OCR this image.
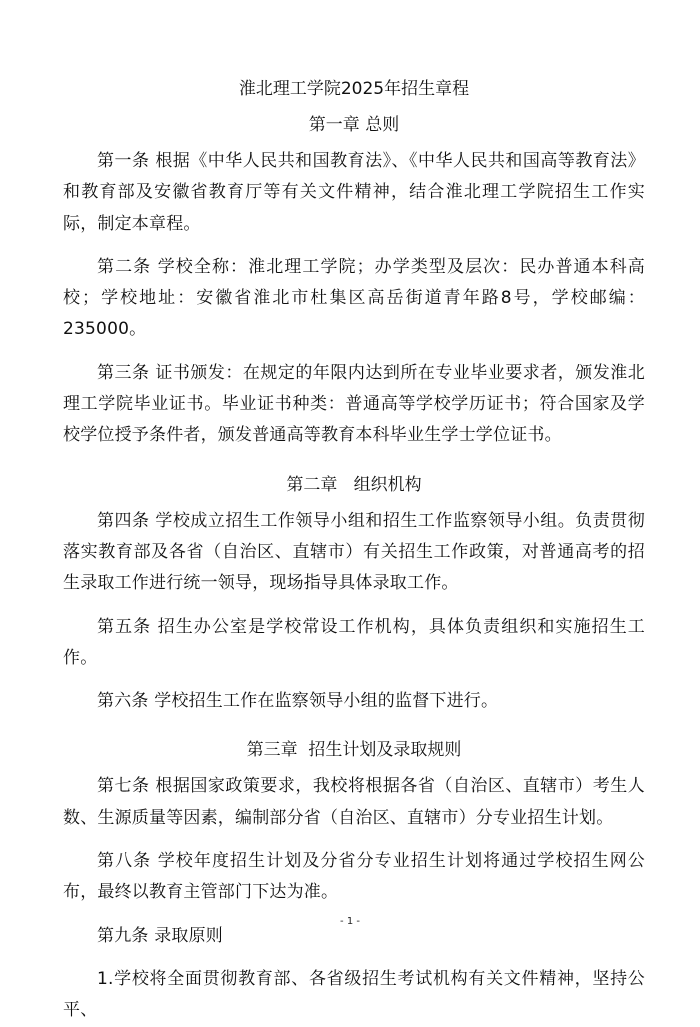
淮北理工学院2025年招生章程
第一章 总则

第一条 根据《中华人民共和国教育法》、《中华人民共和国高等教育法》和教育部及安徽省教育厅等有关文件精神，结合淮北理工学院招生工作实际，制定本章程。

第二条 学校全称：淮北理工学院；办学类型及层次：民办普通本科高校；学校地址：安徽省淮北市杜集区高岳街道青年路8号，学校邮编：235000。

第三条 证书颁发：在规定的年限内达到所在专业毕业要求者，颁发淮北理工学院毕业证书。毕业证书种类：普通高等学校学历证书；符合国家及学校学位授予条件者，颁发普通高等教育本科毕业生学士学位证书。

第二章   组织机构

第四条 学校成立招生工作领导小组和招生工作监察领导小组。负责贯彻落实教育部及各省（自治区、直辖市）有关招生工作政策，对普通高考的招生录取工作进行统一领导，现场指导具体录取工作。

第五条 招生办公室是学校常设工作机构，具体负责组织和实施招生工作。

第六条 学校招生工作在监察领导小组的监督下进行。

第三章  招生计划及录取规则

第七条 根据国家政策要求，我校将根据各省（自治区、直辖市）考生人数、生源质量等因素，编制部分省（自治区、直辖市）分专业招生计划。

第八条 学校年度招生计划及分省分专业招生计划将通过学校招生网公布，最终以教育主管部门下达为准。

第九条 录取原则

1.学校将全面贯彻教育部、各省级招生考试机构有关文件精神，坚持公平、

- 1 -
